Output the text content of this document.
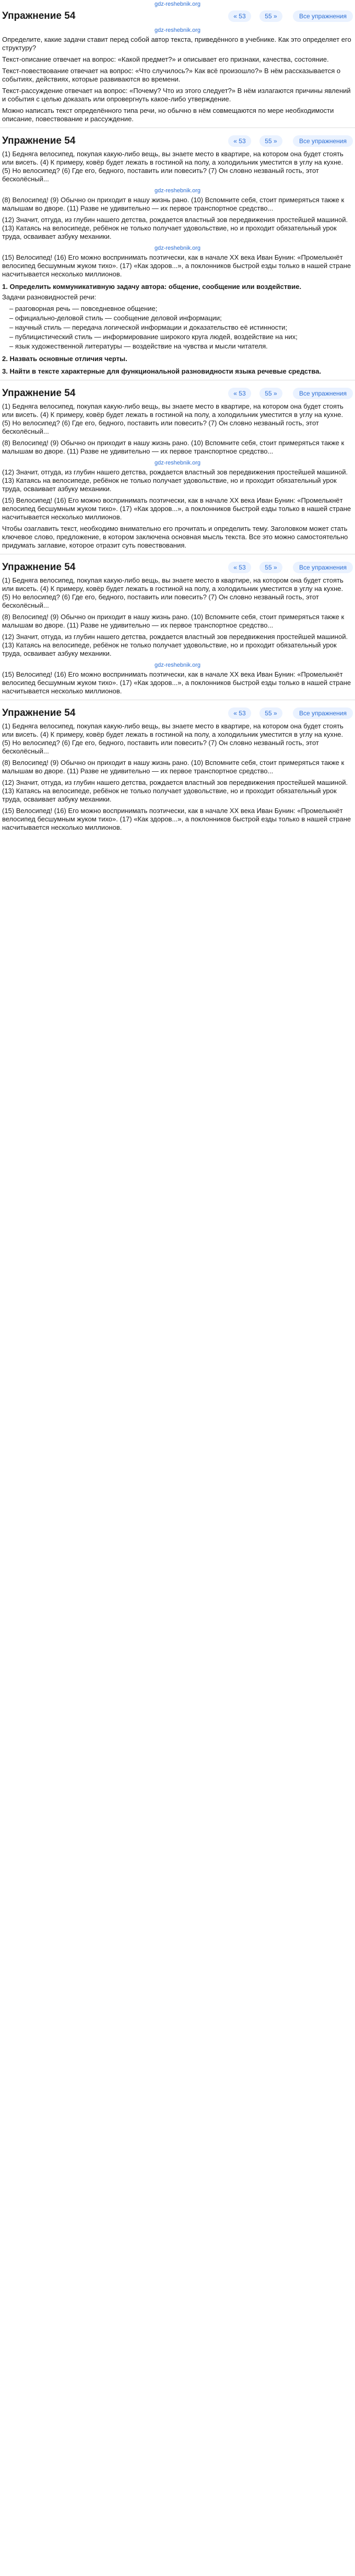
gdz-reshebnik.org
Упражнение 54	« 53	55 »	Все упражнения
gdz-reshebnik.org

Определите, какие задачи ставит перед собой автор текста, приведённого в учебнике. Как это определяет его структуру?

Текст-описание отвечает на вопрос: «Какой предмет?» и описывает его признаки, качества, состояние.

Текст-повествование отвечает на вопрос: «Что случилось?» Как всё произошло?» В нём рассказывается о событиях, действиях, которые развиваются во времени.

Текст-рассуждение отвечает на вопрос: «Почему? Что из этого следует?» В нём излагаются причины явлений и события с целью доказать или опровергнуть какое-либо утверждение.

Можно написать текст определённого типа речи, но обычно в нём совмещаются по мере необходимости описание, повествование и рассуждение.

Упражнение 54	« 53	55 »	Все упражнения

(1) Бедняга велосипед, покупая какую-либо вещь, вы знаете место в квартире, на котором она будет стоять или висеть. (4) К примеру, ковёр будет лежать в гостиной на полу, а холодильник уместится в углу на кухне. (5) Но велосипед? (6) Где его, бедного, поставить или повесить? (7) Он словно незваный гость, этот бесколёсный...

gdz-reshebnik.org

(8) Велосипед! (9) Обычно он приходит в нашу жизнь рано. (10) Вспомните себя, стоит примеряться также к малышам во дворе. (11) Разве не удивительно — их первое транспортное средство...

(12) Значит, отгуда, из глубин нашего детства, рождается властный зов передвижения простейшей машиной. (13) Катаясь на велосипеде, ребёнок не только получает удовольствие, но и проходит обязательный урок труда, осваивает азбуку механики.

gdz-reshebnik.org

(15) Велосипед! (16) Его можно воспринимать поэтически, как в начале XX века Иван Бунин: «Промелькнёт велосипед бесшумным жуком тихо». (17) «Как здоров...», а поклонников быстрой езды только в нашей стране насчитывается несколько миллионов.

1. Определить коммуникативную задачу автора: общение, сообщение или воздействие.

Задачи разновидностей речи:

– разговорная речь — повседневное общение;
– официально-деловой стиль — сообщение деловой информации;
– научный стиль — передача логической информации и доказательство её истинности;
– публицистический стиль — информирование широкого круга людей, воздействие на них;
– язык художественной литературы — воздействие на чувства и мысли читателя.
2. Назвать основные отличия черты.
3. Найти в тексте характерные для функциональной разновидности языка речевые средства.
Упражнение 54	« 53	55 »	Все упражнения

(1) Бедняга велосипед, покупая какую-либо вещь, вы знаете место в квартире, на котором она будет стоять или висеть. (4) К примеру, ковёр будет лежать в гостиной на полу, а холодильник уместится в углу на кухне. (5) Но велосипед? (6) Где его, бедного, поставить или повесить? (7) Он словно незваный гость, этот бесколёсный...

(8) Велосипед! (9) Обычно он приходит в нашу жизнь рано. (10) Вспомните себя, стоит примеряться также к малышам во дворе. (11) Разве не удивительно — их первое транспортное средство...

gdz-reshebnik.org

(12) Значит, отгуда, из глубин нашего детства, рождается властный зов передвижения простейшей машиной. (13) Катаясь на велосипеде, ребёнок не только получает удовольствие, но и проходит обязательный урок труда, осваивает азбуку механики.

(15) Велосипед! (16) Его можно воспринимать поэтически, как в начале XX века Иван Бунин: «Промелькнёт велосипед бесшумным жуком тихо». (17) «Как здоров...», а поклонников быстрой езды только в нашей стране насчитывается несколько миллионов.

Чтобы озаглавить текст, необходимо внимательно его прочитать и определить тему. Заголовком может стать ключевое слово, предложение, в котором заключена основная мысль текста. Все это можно самостоятельно придумать заглавие, которое отразит суть повествования.

Упражнение 54	« 53	55 »	Все упражнения

(1) Бедняга велосипед, покупая какую-либо вещь, вы знаете место в квартире, на котором она будет стоять или висеть. (4) К примеру, ковёр будет лежать в гостиной на полу, а холодильник уместится в углу на кухне. (5) Но велосипед? (6) Где его, бедного, поставить или повесить? (7) Он словно незваный гость, этот бесколёсный...

(8) Велосипед! (9) Обычно он приходит в нашу жизнь рано. (10) Вспомните себя, стоит примеряться также к малышам во дворе. (11) Разве не удивительно — их первое транспортное средство...

(12) Значит, отгуда, из глубин нашего детства, рождается властный зов передвижения простейшей машиной. (13) Катаясь на велосипеде, ребёнок не только получает удовольствие, но и проходит обязательный урок труда, осваивает азбуку механики.

gdz-reshebnik.org

(15) Велосипед! (16) Его можно воспринимать поэтически, как в начале XX века Иван Бунин: «Промелькнёт велосипед бесшумным жуком тихо». (17) «Как здоров...», а поклонников быстрой езды только в нашей стране насчитывается несколько миллионов.

Упражнение 54	« 53	55 »	Все упражнения

(1) Бедняга велосипед, покупая какую-либо вещь, вы знаете место в квартире, на котором она будет стоять или висеть. (4) К примеру, ковёр будет лежать в гостиной на полу, а холодильник уместится в углу на кухне. (5) Но велосипед? (6) Где его, бедного, поставить или повесить? (7) Он словно незваный гость, этот бесколёсный...

(8) Велосипед! (9) Обычно он приходит в нашу жизнь рано. (10) Вспомните себя, стоит примеряться также к малышам во дворе. (11) Разве не удивительно — их первое транспортное средство...

(12) Значит, отгуда, из глубин нашего детства, рождается властный зов передвижения простейшей машиной. (13) Катаясь на велосипеде, ребёнок не только получает удовольствие, но и проходит обязательный урок труда, осваивает азбуку механики.

(15) Велосипед! (16) Его можно воспринимать поэтически, как в начале XX века Иван Бунин: «Промелькнёт велосипед бесшумным жуком тихо». (17) «Как здоров...», а поклонников быстрой езды только в нашей стране насчитывается несколько миллионов.
